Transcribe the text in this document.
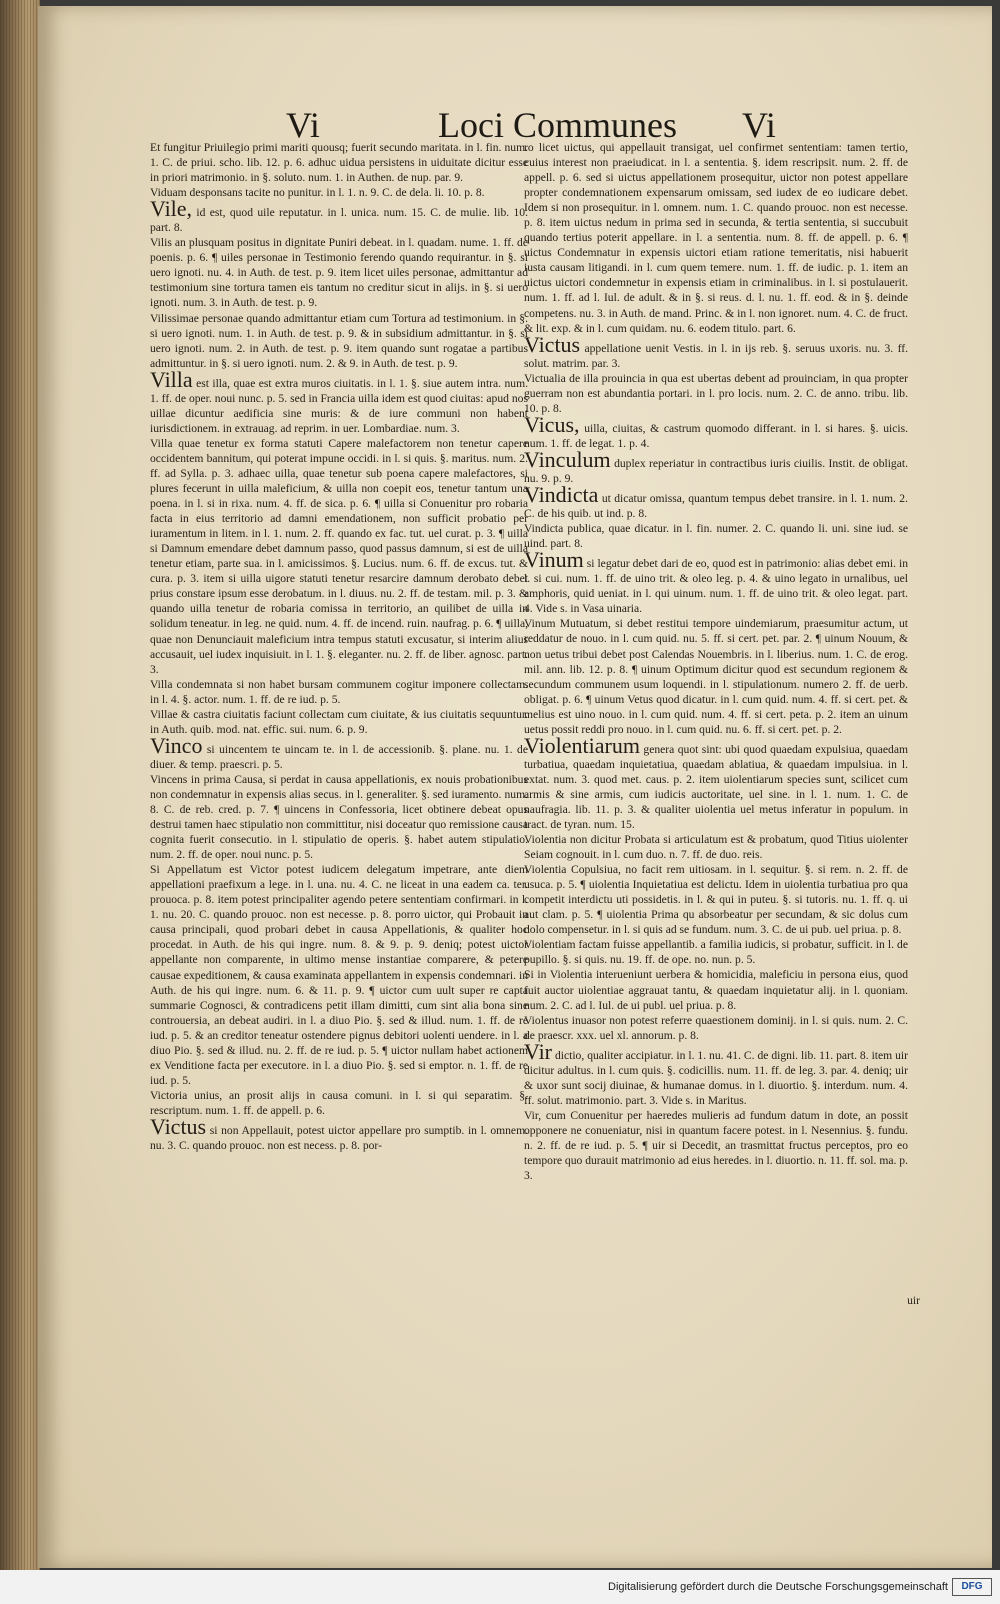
Vi	Loci Communes Vi

Et fungitur Priuilegio primi mariti quousq; fuerit secundo maritata. in l. fin. num. 1. C. de priui. scho. lib. 12. p. 6. adhuc uidua persistens in uiduitate dicitur esse in priori matrimonio. in §. soluto. num. 1. in Authen. de nup. par. 9.

Viduam desponsans tacite no punitur. in l. 1. n. 9. C. de dela. li. 10. p. 8.

Vile, id est, quod uile reputatur. in l. unica. num. 15. C. de mulie. lib. 10. part. 8.

Vilis an plusquam positus in dignitate Puniri debeat. in l. quadam. nume. 1. ff. de poenis. p. 6. ¶ uiles personae in Testimonio ferendo quando requirantur. in §. si uero ignoti. nu. 4. in Auth. de test. p. 9. item licet uiles personae, admittantur ad testimonium sine tortura tamen eis tantum no creditur sicut in alijs. in §. si uero ignoti. num. 3. in Auth. de test. p. 9.

Vilissimae personae quando admittantur etiam cum Tortura ad testimonium. in §. si uero ignoti. num. 1. in Auth. de test. p. 9. & in subsidium admittantur. in §. si uero ignoti. num. 2. in Auth. de test. p. 9. item quando sunt rogatae a partibus admittuntur. in §. si uero ignoti. num. 2. & 9. in Auth. de test. p. 9.

Villa est illa, quae est extra muros ciuitatis. in l. 1. §. siue autem intra. num. 1. ff. de oper. noui nunc. p. 5. sed in Francia uilla idem est quod ciuitas: apud nos uillae dicuntur aedificia sine muris: & de iure communi non habent iurisdictionem. in extrauag. ad reprim. in uer. Lombardiae. num. 3.

Villa quae tenetur ex forma statuti Capere malefactorem non tenetur capere occidentem bannitum, qui poterat impune occidi. in l. si quis. §. maritus. num. 2. ff. ad Sylla. p. 3. adhaec uilla, quae tenetur sub poena capere malefactores, si plures fecerunt in uilla maleficium, & uilla non coepit eos, tenetur tantum una poena. in l. si in rixa. num. 4. ff. de sica. p. 6. ¶ uilla si Conuenitur pro robaria facta in eius territorio ad damni emendationem, non sufficit probatio per iuramentum in litem. in l. 1. num. 2. ff. quando ex fac. tut. uel curat. p. 3. ¶ uilla si Damnum emendare debet damnum passo, quod passus damnum, si est de uilla tenetur etiam, parte sua. in l. amicissimos. §. Lucius. num. 6. ff. de excus. tut. & cura. p. 3. item si uilla uigore statuti tenetur resarcire damnum derobato debet prius constare ipsum esse derobatum. in l. diuus. nu. 2. ff. de testam. mil. p. 3. & quando uilla tenetur de robaria comissa in territorio, an quilibet de uilla in solidum teneatur. in leg. ne quid. num. 4. ff. de incend. ruin. naufrag. p. 6. ¶ uilla, quae non Denunciauit maleficium intra tempus statuti excusatur, si interim alius accusauit, uel iudex inquisiuit. in l. 1. §. eleganter. nu. 2. ff. de liber. agnosc. part. 3.

Villa condemnata si non habet bursam communem cogitur imponere collectam. in l. 4. §. actor. num. 1. ff. de re iud. p. 5.

Villae & castra ciuitatis faciunt collectam cum ciuitate, & ius ciuitatis sequuntur. in Auth. quib. mod. nat. effic. sui. num. 6. p. 9.

Vinco si uincentem te uincam te. in l. de accessionib. §. plane. nu. 1. de diuer. & temp. praescri. p. 5.

Vincens in prima Causa, si perdat in causa appellationis, ex nouis probationibus non condemnatur in expensis alias secus. in l. generaliter. §. sed iuramento. num. 8. C. de reb. cred. p. 7. ¶ uincens in Confessoria, licet obtinere debeat opus destrui tamen haec stipulatio non committitur, nisi doceatur quo remissione causa cognita fuerit consecutio. in l. stipulatio de operis. §. habet autem stipulatio. num. 2. ff. de oper. noui nunc. p. 5.

Si Appellatum est Victor potest iudicem delegatum impetrare, ante diem appellationi praefixum a lege. in l. una. nu. 4. C. ne liceat in una eadem ca. ter. prouoca. p. 8. item potest principaliter agendo petere sententiam confirmari. in l. 1. nu. 20. C. quando prouoc. non est necesse. p. 8. porro uictor, qui Probauit in causa principali, quod probari debet in causa Appellationis, & qualiter hoc procedat. in Auth. de his qui ingre. num. 8. & 9. p. 9. deniq; potest uictor appellante non comparente, in ultimo mense instantiae comparere, & petere causae expeditionem, & causa examinata appellantem in expensis condemnari. in Auth. de his qui ingre. num. 6. & 11. p. 9. ¶ uictor cum uult super re capta summarie Cognosci, & contradicens petit illam dimitti, cum sint alia bona sine controuersia, an debeat audiri. in l. a diuo Pio. §. sed & illud. num. 1. ff. de re iud. p. 5. & an creditor teneatur ostendere pignus debitori uolenti uendere. in l. a diuo Pio. §. sed & illud. nu. 2. ff. de re iud. p. 5. ¶ uictor nullam habet actionem ex Venditione facta per executore. in l. a diuo Pio. §. sed si emptor. n. 1. ff. de re iud. p. 5.

Victoria unius, an prosit alijs in causa comuni. in l. si qui separatim. §. rescriptum. num. 1. ff. de appell. p. 6.

Victus si non Appellauit, potest uictor appellare pro sumptib. in l. omnem. nu. 3. C. quando prouoc. non est necess. p. 8. por-

ro licet uictus, qui appellauit transigat, uel confirmet sententiam: tamen tertio, cuius interest non praeiudicat. in l. a sententia. §. idem rescripsit. num. 2. ff. de appell. p. 6. sed si uictus appellationem prosequitur, uictor non potest appellare propter condemnationem expensarum omissam, sed iudex de eo iudicare debet. Idem si non prosequitur. in l. omnem. num. 1. C. quando prouoc. non est necesse. p. 8. item uictus nedum in prima sed in secunda, & tertia sententia, si succubuit quando tertius poterit appellare. in l. a sententia. num. 8. ff. de appell. p. 6. ¶ uictus Condemnatur in expensis uictori etiam ratione temeritatis, nisi habuerit iusta causam litigandi. in l. cum quem temere. num. 1. ff. de iudic. p. 1. item an uictus uictori condemnetur in expensis etiam in criminalibus. in l. si postulauerit. num. 1. ff. ad l. Iul. de adult. & in §. si reus. d. l. nu. 1. ff. eod. & in §. deinde competens. nu. 3. in Auth. de mand. Princ. & in l. non ignoret. num. 4. C. de fruct. & lit. exp. & in l. cum quidam. nu. 6. eodem titulo. part. 6.

Victus appellatione uenit Vestis. in l. in ijs reb. §. seruus uxoris. nu. 3. ff. solut. matrim. par. 3.

Victualia de illa prouincia in qua est ubertas debent ad prouinciam, in qua propter guerram non est abundantia portari. in l. pro locis. num. 2. C. de anno. tribu. lib. 10. p. 8.

Vicus, uilla, ciuitas, & castrum quomodo differant. in l. si hares. §. uicis. num. 1. ff. de legat. 1. p. 4.

Vinculum duplex reperiatur in contractibus iuris ciuilis. Instit. de obligat. nu. 9. p. 9.

Vindicta ut dicatur omissa, quantum tempus debet transire. in l. 1. num. 2. C. de his quib. ut ind. p. 8.

Vindicta publica, quae dicatur. in l. fin. numer. 2. C. quando li. uni. sine iud. se uind. part. 8.

Vinum si legatur debet dari de eo, quod est in patrimonio: alias debet emi. in l. si cui. num. 1. ff. de uino trit. & oleo leg. p. 4. & uino legato in urnalibus, uel amphoris, quid ueniat. in l. qui uinum. num. 1. ff. de uino trit. & oleo legat. part. 4. Vide s. in Vasa uinaria.

Vinum Mutuatum, si debet restitui tempore uindemiarum, praesumitur actum, ut reddatur de nouo. in l. cum quid. nu. 5. ff. si cert. pet. par. 2. ¶ uinum Nouum, & non uetus tribui debet post Calendas Nouembris. in l. liberius. num. 1. C. de erog. mil. ann. lib. 12. p. 8. ¶ uinum Optimum dicitur quod est secundum regionem & secundum communem usum loquendi. in l. stipulationum. numero 2. ff. de uerb. obligat. p. 6. ¶ uinum Vetus quod dicatur. in l. cum quid. num. 4. ff. si cert. pet. & melius est uino nouo. in l. cum quid. num. 4. ff. si cert. peta. p. 2. item an uinum uetus possit reddi pro nouo. in l. cum quid. nu. 6. ff. si cert. pet. p. 2.

Violentiarum genera quot sint: ubi quod quaedam expulsiua, quaedam turbatiua, quaedam inquietatiua, quaedam ablatiua, & quaedam impulsiua. in l. extat. num. 3. quod met. caus. p. 2. item uiolentiarum species sunt, scilicet cum armis & sine armis, cum iudicis auctoritate, uel sine. in l. 1. num. 1. C. de naufragia. lib. 11. p. 3. & qualiter uiolentia uel metus inferatur in populum. in tract. de tyran. num. 15.

Violentia non dicitur Probata si articulatum est & probatum, quod Titius uiolenter Seiam cognouit. in l. cum duo. n. 7. ff. de duo. reis.

Violentia Copulsiua, no facit rem uitiosam. in l. sequitur. §. si rem. n. 2. ff. de usuca. p. 5. ¶ uiolentia Inquietatiua est delictu. Idem in uiolentia turbatiua pro qua competit interdictu uti possidetis. in l. & qui in puteu. §. si tutoris. nu. 1. ff. q. ui aut clam. p. 5. ¶ uiolentia Prima qu absorbeatur per secundam, & sic dolus cum dolo compensetur. in l. si quis ad se fundum. num. 3. C. de ui pub. uel priua. p. 8.

Violentiam factam fuisse appellantib. a familia iudicis, si probatur, sufficit. in l. de pupillo. §. si quis. nu. 19. ff. de ope. no. nun. p. 5.

Si in Violentia interueniunt uerbera & homicidia, maleficiu in persona eius, quod fuit auctor uiolentiae aggrauat tantu, & quaedam inquietatur alij. in l. quoniam. num. 2. C. ad l. Iul. de ui publ. uel priua. p. 8.

Violentus inuasor non potest referre quaestionem dominij. in l. si quis. num. 2. C. de praescr. xxx. uel xl. annorum. p. 8.

Vir dictio, qualiter accipiatur. in l. 1. nu. 41. C. de digni. lib. 11. part. 8. item uir dicitur adultus. in l. cum quis. §. codicillis. num. 11. ff. de leg. 3. par. 4. deniq; uir & uxor sunt socij diuinae, & humanae domus. in l. diuortio. §. interdum. num. 4. ff. solut. matrimonio. part. 3. Vide s. in Maritus.

Vir, cum Conuenitur per haeredes mulieris ad fundum datum in dote, an possit opponere ne conueniatur, nisi in quantum facere potest. in l. Nesennius. §. fundu. n. 2. ff. de re iud. p. 5. ¶ uir si Decedit, an trasmittat fructus perceptos, pro eo tempore quo durauit matrimonio ad eius heredes. in l. diuortio. n. 11. ff. sol. ma. p. 3.

uir
Digitalisierung gefördert durch die Deutsche Forschungsgemeinschaft	DFG
